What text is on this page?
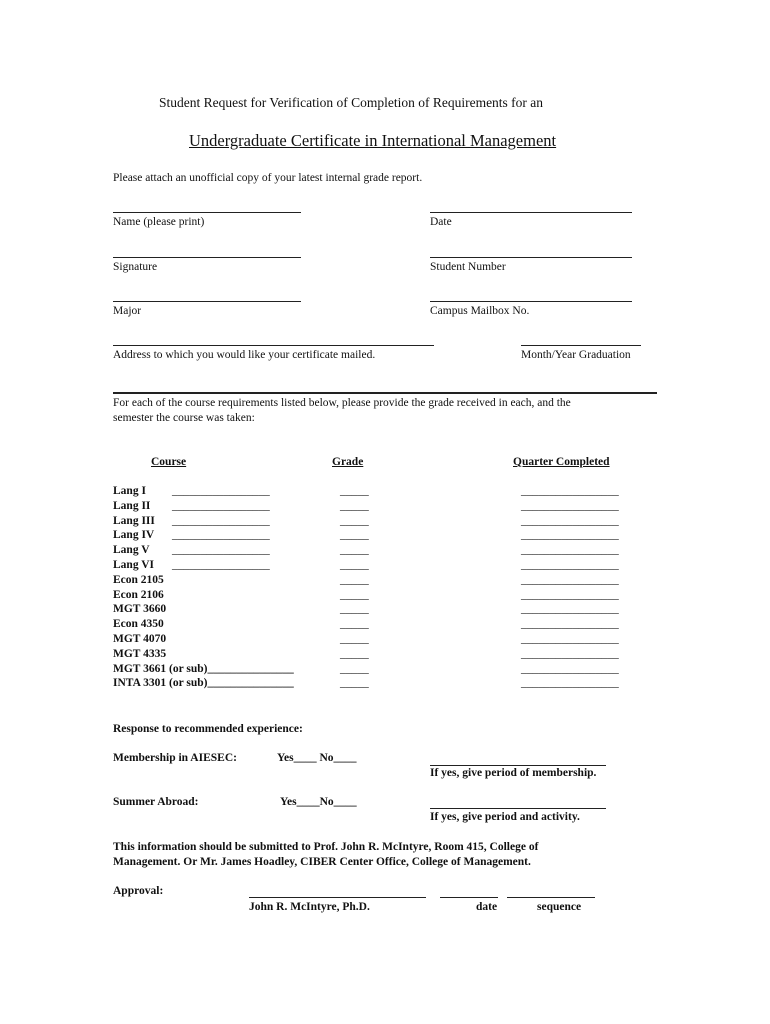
Student Request for Verification of Completion of Requirements for an
Undergraduate Certificate in International Management
Please attach an unofficial copy of your latest internal grade report.
Name (please print)	Date
Signature	Student Number
Major	Campus Mailbox No.
Address to which you would like your certificate mailed.	Month/Year Graduation
For each of the course requirements listed below, please provide the grade received in each, and the
semester the course was taken:
Course	Grade	Quarter Completed
Lang I _________________	_____	_________________
Lang II _________________	_____	_________________
Lang III _________________	_____	_________________
Lang IV _________________	_____	_________________
Lang V _________________	_____	_________________
Lang VI _________________	_____	_________________
Econ 2105	_____	_________________
Econ 2106	_____	_________________
MGT 3660	_____	_________________
Econ 4350	_____	_________________
MGT 4070	_____	_________________
MGT 4335	_____	_________________
MGT 3661 (or sub)_______________	_____	_________________
INTA 3301 (or sub)_______________	_____	_________________
Response to recommended experience:
Membership in AIESEC:	Yes____ No____
If yes, give period of membership.
Summer Abroad:	Yes____No____
If yes, give period and activity.
This information should be submitted to Prof. John R. McIntyre, Room 415, College of
Management. Or Mr. James Hoadley, CIBER Center Office, College of Management.
Approval:
John R. McIntyre, Ph.D.	date	sequence
